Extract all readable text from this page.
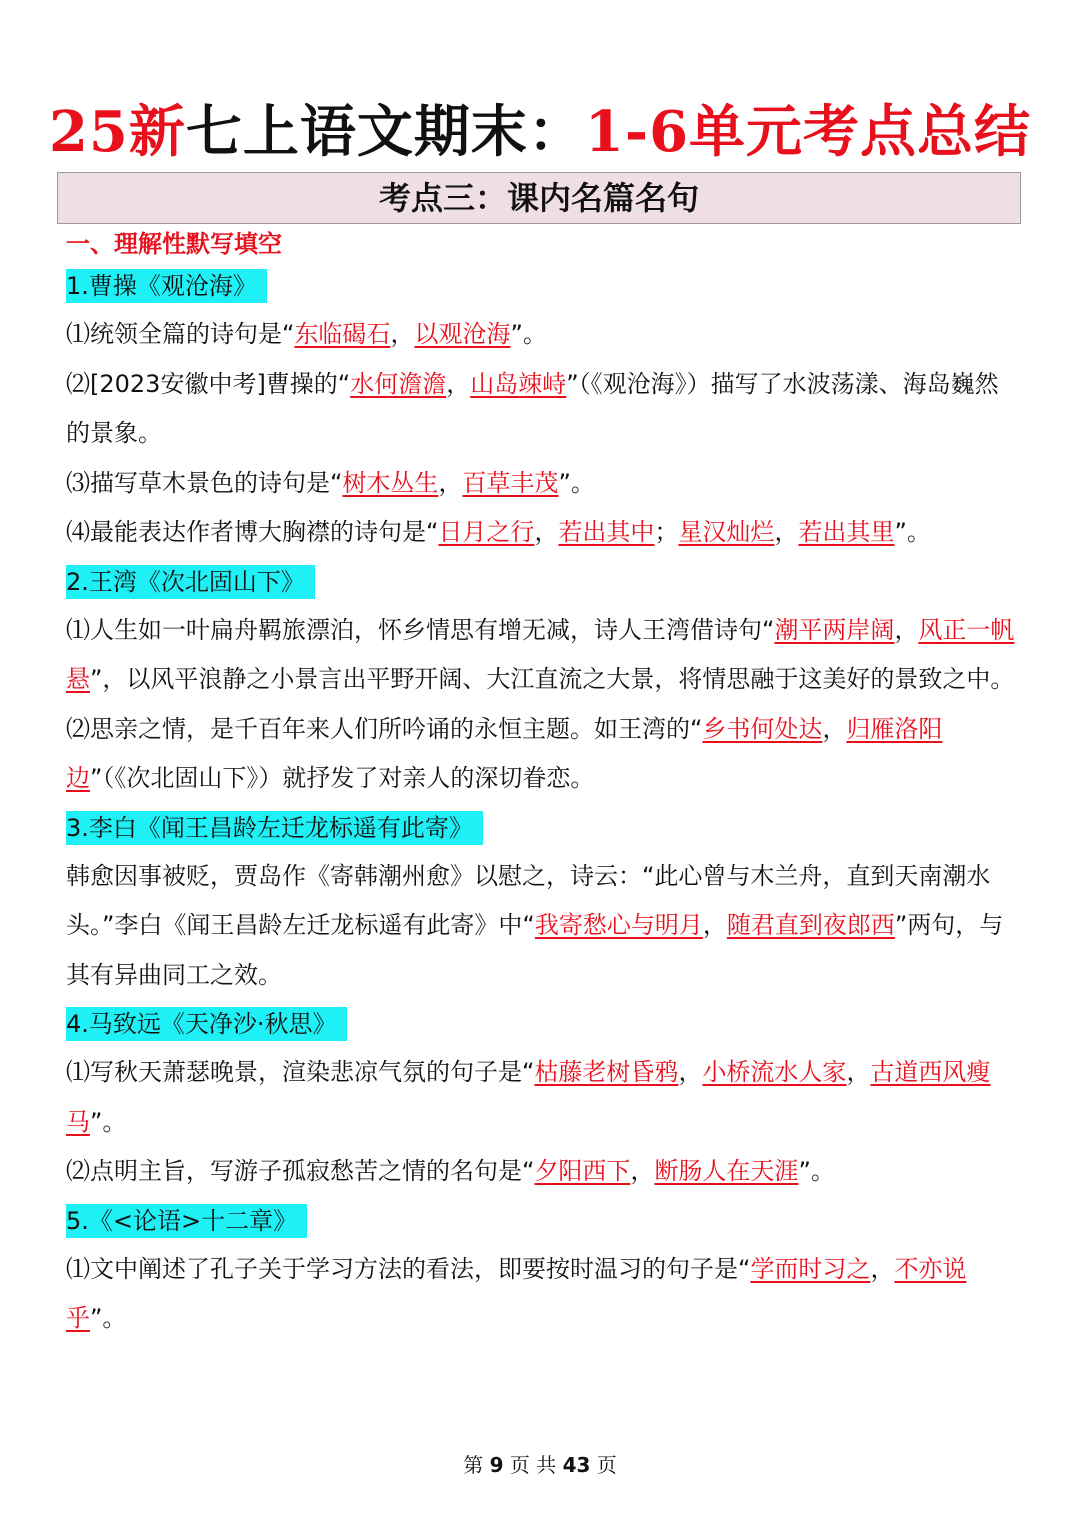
25新七上语文期末：1-6单元考点总结
考点三：课内名篇名句
一、理解性默写填空
1.曹操《观沧海》
⑴统领全篇的诗句是“东临碣石，以观沧海”。
⑵[2023安徽中考]曹操的“水何澹澹，山岛竦峙”（《观沧海》）描写了水波荡漾、海岛巍然的景象。
⑶描写草木景色的诗句是“树木丛生，百草丰茂”。
⑷最能表达作者博大胸襟的诗句是“日月之行，若出其中；星汉灿烂，若出其里”。
2.王湾《次北固山下》
⑴人生如一叶扁舟羁旅漂泊，怀乡情思有增无减，诗人王湾借诗句“潮平两岸阔，风正一帆悬”，以风平浪静之小景言出平野开阔、大江直流之大景，将情思融于这美好的景致之中。
⑵思亲之情，是千百年来人们所吟诵的永恒主题。如王湾的“乡书何处达，归雁洛阳边”（《次北固山下》）就抒发了对亲人的深切眷恋。
3.李白《闻王昌龄左迁龙标遥有此寄》
韩愈因事被贬，贾岛作《寄韩潮州愈》以慰之，诗云：“此心曾与木兰舟，直到天南潮水头。”李白《闻王昌龄左迁龙标遥有此寄》中“我寄愁心与明月，随君直到夜郎西”两句，与其有异曲同工之效。
4.马致远《天净沙·秋思》
⑴写秋天萧瑟晚景，渲染悲凉气氛的句子是“枯藤老树昏鸦，小桥流水人家，古道西风瘦马”。
⑵点明主旨，写游子孤寂愁苦之情的名句是“夕阳西下，断肠人在天涯”。
5.《<论语>十二章》
⑴文中阐述了孔子关于学习方法的看法，即要按时温习的句子是“学而时习之，不亦说乎”。
第 9 页 共 43 页
